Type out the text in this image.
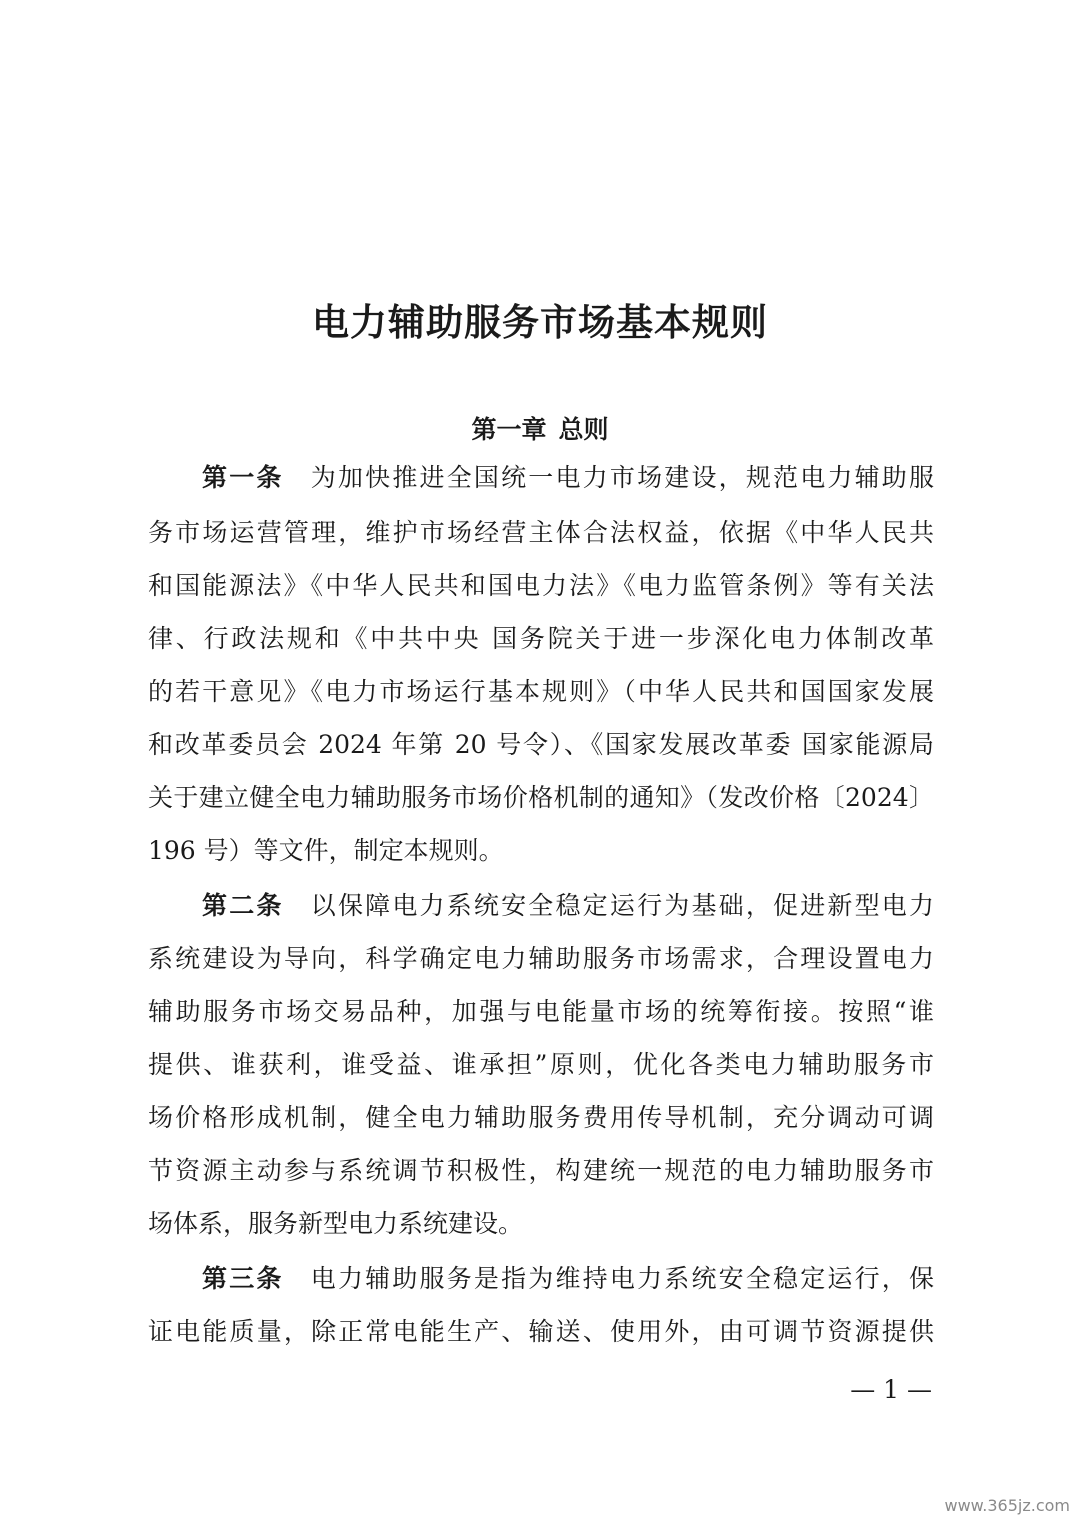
电力辅助服务市场基本规则
第一章 总则

第一条  为加快推进全国统一电力市场建设，规范电力辅助服

务市场运营管理，维护市场经营主体合法权益，依据《中华人民共

和国能源法》《中华人民共和国电力法》《电力监管条例》等有关法

律、行政法规和《中共中央 国务院关于进一步深化电力体制改革

的若干意见》《电力市场运行基本规则》（中华人民共和国国家发展

和改革委员会 2024 年第 20 号令）、《国家发展改革委 国家能源局

关于建立健全电力辅助服务市场价格机制的通知》（发改价格〔2024〕

196 号）等文件，制定本规则。

第二条  以保障电力系统安全稳定运行为基础，促进新型电力

系统建设为导向，科学确定电力辅助服务市场需求，合理设置电力

辅助服务市场交易品种，加强与电能量市场的统筹衔接。按照“谁

提供、谁获利，谁受益、谁承担”原则，优化各类电力辅助服务市

场价格形成机制，健全电力辅助服务费用传导机制，充分调动可调

节资源主动参与系统调节积极性，构建统一规范的电力辅助服务市

场体系，服务新型电力系统建设。

第三条  电力辅助服务是指为维持电力系统安全稳定运行，保

证电能质量，除正常电能生产、输送、使用外，由可调节资源提供

— 1 —
www.365jz.com
